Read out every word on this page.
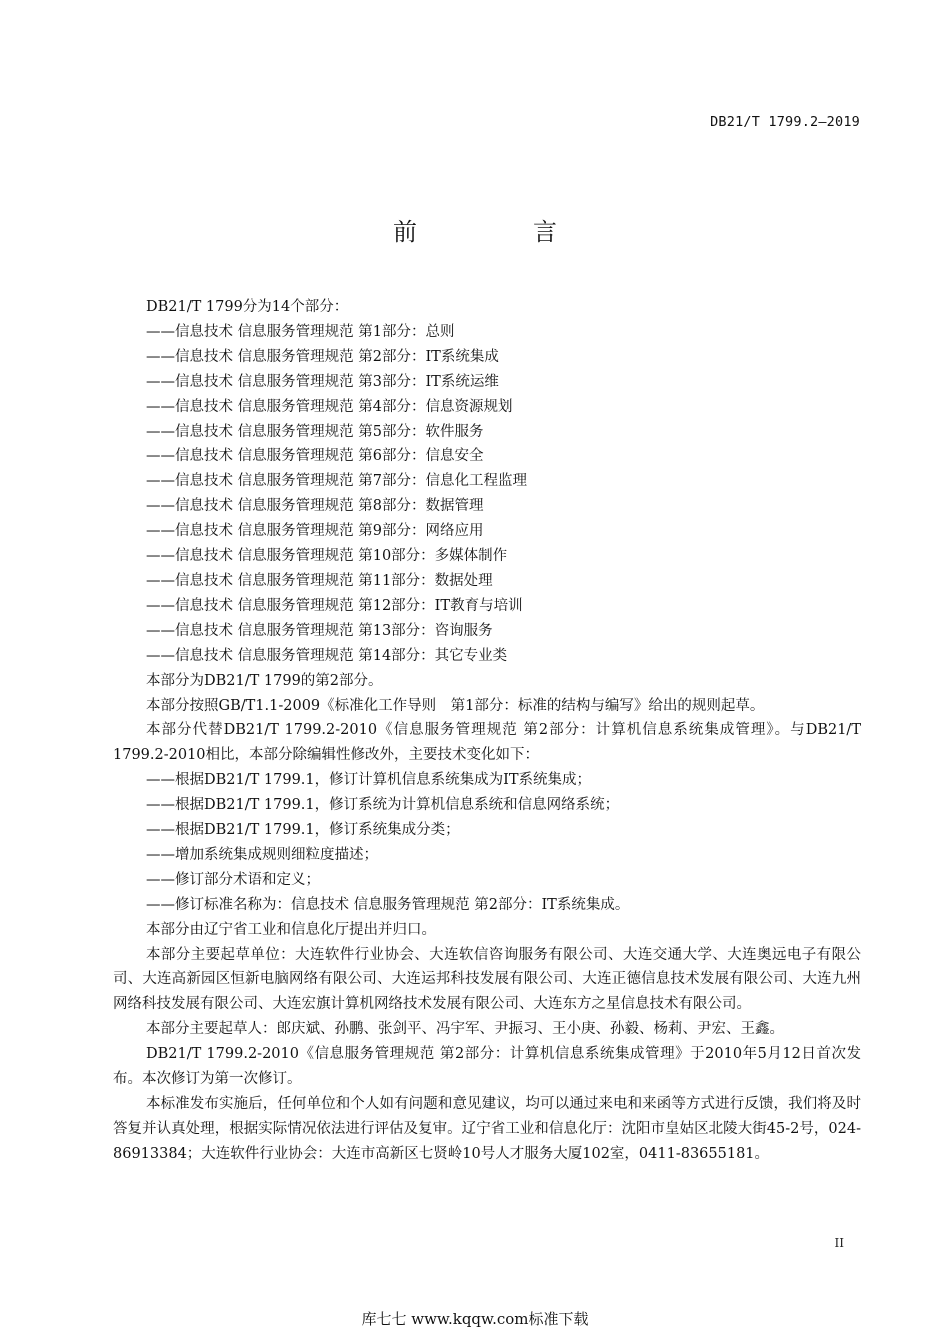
DB21/T 1799.2—2019
前　言
DB21/T 1799分为14个部分：
——信息技术 信息服务管理规范 第1部分：总则
——信息技术 信息服务管理规范 第2部分：IT系统集成
——信息技术 信息服务管理规范 第3部分：IT系统运维
——信息技术 信息服务管理规范 第4部分：信息资源规划
——信息技术 信息服务管理规范 第5部分：软件服务
——信息技术 信息服务管理规范 第6部分：信息安全
——信息技术 信息服务管理规范 第7部分：信息化工程监理
——信息技术 信息服务管理规范 第8部分：数据管理
——信息技术 信息服务管理规范 第9部分：网络应用
——信息技术 信息服务管理规范 第10部分：多媒体制作
——信息技术 信息服务管理规范 第11部分：数据处理
——信息技术 信息服务管理规范 第12部分：IT教育与培训
——信息技术 信息服务管理规范 第13部分：咨询服务
——信息技术 信息服务管理规范 第14部分：其它专业类
本部分为DB21/T 1799的第2部分。
本部分按照GB/T1.1-2009《标准化工作导则　第1部分：标准的结构与编写》给出的规则起草。
本部分代替DB21/T 1799.2-2010《信息服务管理规范 第2部分：计算机信息系统集成管理》。与DB21/T 1799.2-2010相比，本部分除编辑性修改外，主要技术变化如下：
——根据DB21/T 1799.1，修订计算机信息系统集成为IT系统集成；
——根据DB21/T 1799.1，修订系统为计算机信息系统和信息网络系统；
——根据DB21/T 1799.1，修订系统集成分类；
——增加系统集成规则细粒度描述；
——修订部分术语和定义；
——修订标准名称为：信息技术 信息服务管理规范 第2部分：IT系统集成。
本部分由辽宁省工业和信息化厅提出并归口。
本部分主要起草单位：大连软件行业协会、大连软信咨询服务有限公司、大连交通大学、大连奥远电子有限公司、大连高新园区恒新电脑网络有限公司、大连运邦科技发展有限公司、大连正德信息技术发展有限公司、大连九州网络科技发展有限公司、大连宏旗计算机网络技术发展有限公司、大连东方之星信息技术有限公司。
本部分主要起草人：郎庆斌、孙鹏、张剑平、冯宇军、尹振习、王小庚、孙毅、杨莉、尹宏、王鑫。
DB21/T 1799.2-2010《信息服务管理规范 第2部分：计算机信息系统集成管理》于2010年5月12日首次发布。本次修订为第一次修订。
本标准发布实施后，任何单位和个人如有问题和意见建议，均可以通过来电和来函等方式进行反馈，我们将及时答复并认真处理，根据实际情况依法进行评估及复审。辽宁省工业和信息化厅：沈阳市皇姑区北陵大街45-2号，024-86913384；大连软件行业协会：大连市高新区七贤岭10号人才服务大厦102室，0411-83655181。
II
库七七 www.kqqw.com标准下载
